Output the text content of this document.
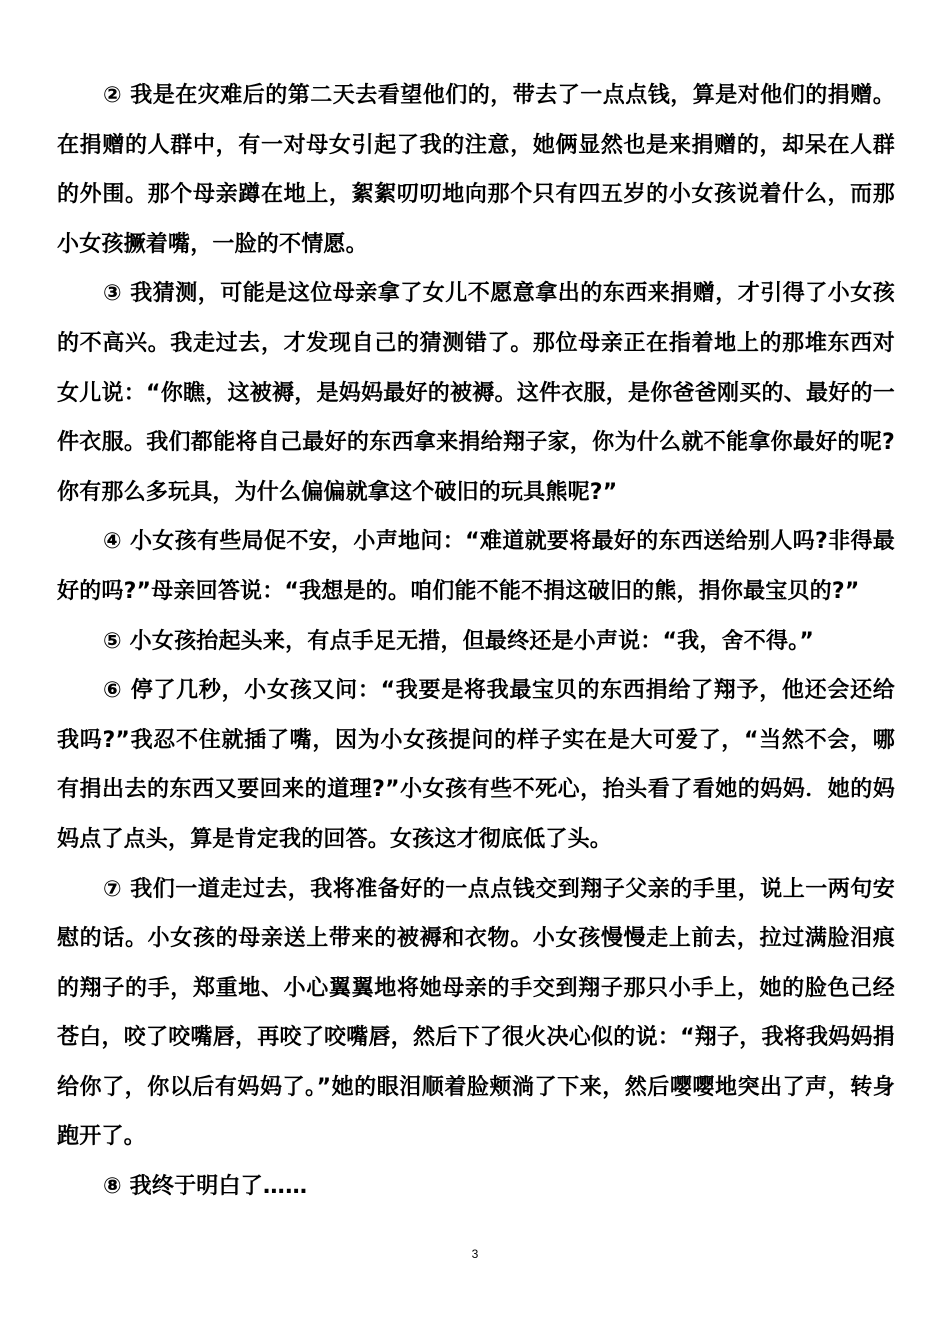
② 我是在灾难后的第二天去看望他们的，带去了一点点钱，算是对他们的捐赠。在捐赠的人群中，有一对母女引起了我的注意，她俩显然也是来捐赠的，却呆在人群的外围。那个母亲蹲在地上，絮絮叨叨地向那个只有四五岁的小女孩说着什么，而那小女孩撅着嘴，一脸的不情愿。

③ 我猜测，可能是这位母亲拿了女儿不愿意拿出的东西来捐赠，才引得了小女孩的不高兴。我走过去，才发现自己的猜测错了。那位母亲正在指着地上的那堆东西对女儿说：“你瞧，这被褥，是妈妈最好的被褥。这件衣服，是你爸爸刚买的、最好的一件衣服。我们都能将自己最好的东西拿来捐给翔子家，你为什么就不能拿你最好的呢?你有那么多玩具，为什么偏偏就拿这个破旧的玩具熊呢?”

④ 小女孩有些局促不安，小声地问：“难道就要将最好的东西送给别人吗?非得最好的吗?”母亲回答说：“我想是的。咱们能不能不捐这破旧的熊，捐你最宝贝的?”

⑤ 小女孩抬起头来，有点手足无措，但最终还是小声说：“我，舍不得。”

⑥ 停了几秒，小女孩又问：“我要是将我最宝贝的东西捐给了翔予，他还会还给我吗?”我忍不住就插了嘴，因为小女孩提问的样子实在是大可爱了，“当然不会，哪有捐出去的东西又要回来的道理?”小女孩有些不死心，抬头看了看她的妈妈．她的妈妈点了点头，算是肯定我的回答。女孩这才彻底低了头。

⑦ 我们一道走过去，我将准备好的一点点钱交到翔子父亲的手里，说上一两句安慰的话。小女孩的母亲送上带来的被褥和衣物。小女孩慢慢走上前去，拉过满脸泪痕的翔子的手，郑重地、小心翼翼地将她母亲的手交到翔子那只小手上，她的脸色己经苍白，咬了咬嘴唇，再咬了咬嘴唇，然后下了很火决心似的说：“翔子，我将我妈妈捐给你了，你以后有妈妈了。”她的眼泪顺着脸颊淌了下来，然后嘤嘤地突出了声，转身跑开了。

⑧ 我终于明白了……

3
